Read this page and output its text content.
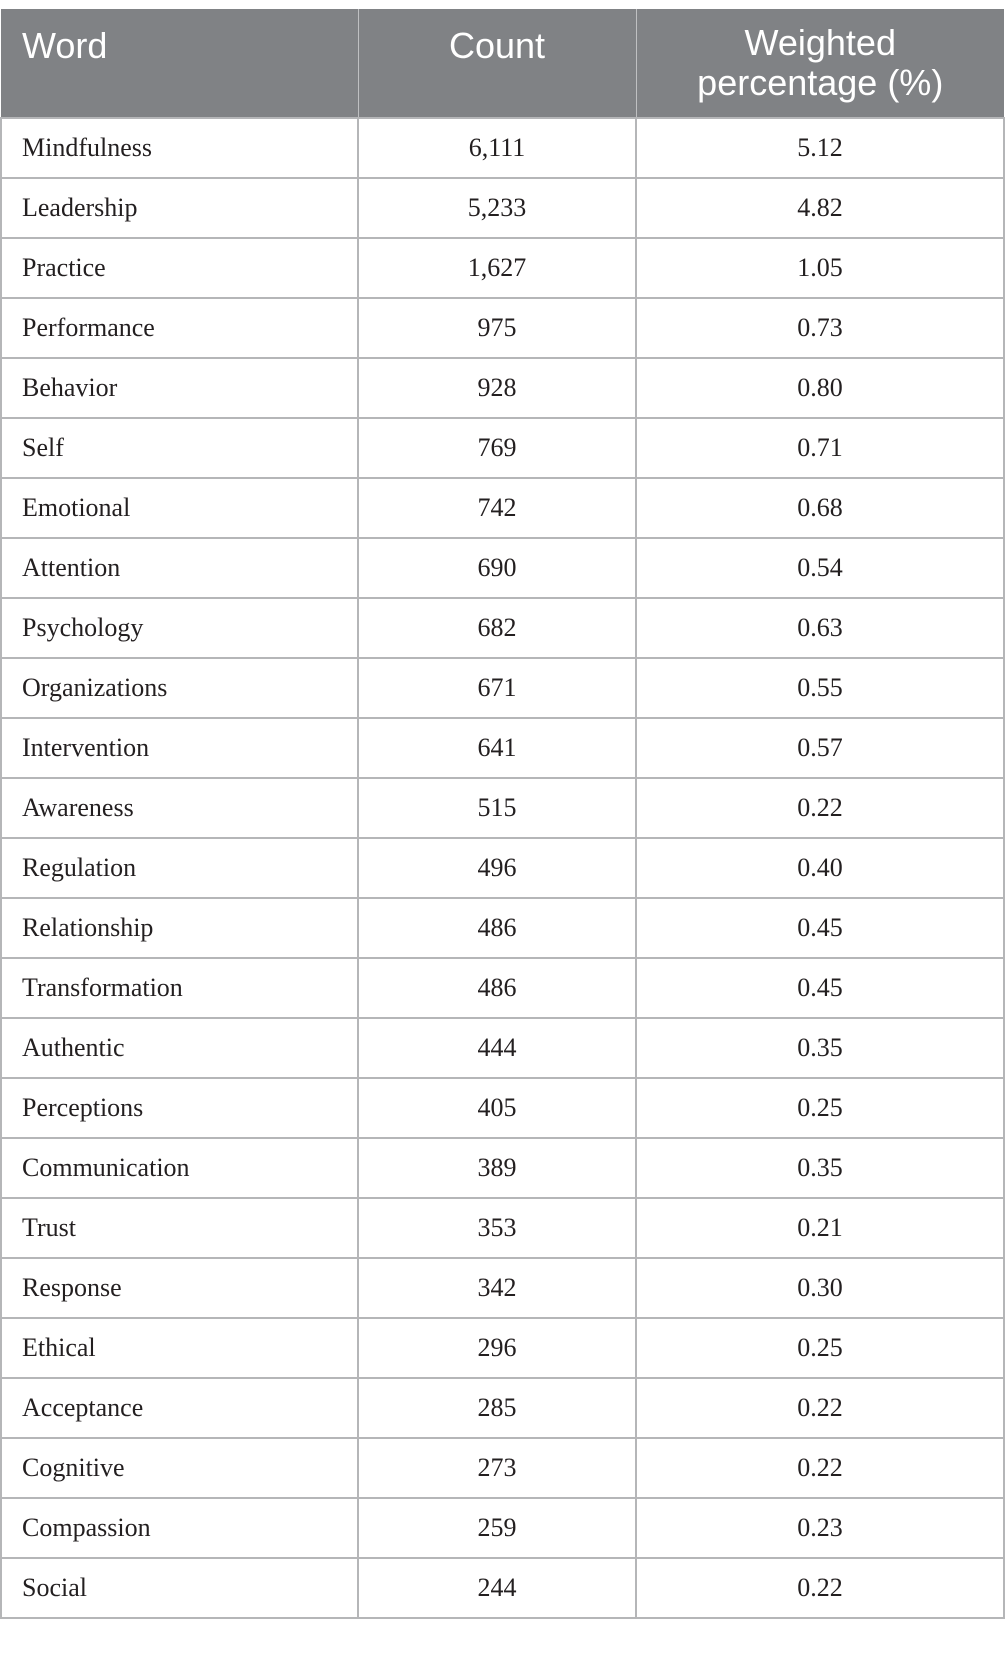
Word	Count	Weighted
percentage (%)
Mindfulness	6,111	5.12
Leadership	5,233	4.82
Practice	1,627	1.05
Performance	975	0.73
Behavior	928	0.80
Self	769	0.71
Emotional	742	0.68
Attention	690	0.54
Psychology	682	0.63
Organizations	671	0.55
Intervention	641	0.57
Awareness	515	0.22
Regulation	496	0.40
Relationship	486	0.45
Transformation	486	0.45
Authentic	444	0.35
Perceptions	405	0.25
Communication	389	0.35
Trust	353	0.21
Response	342	0.30
Ethical	296	0.25
Acceptance	285	0.22
Cognitive	273	0.22
Compassion	259	0.23
Social	244	0.22
